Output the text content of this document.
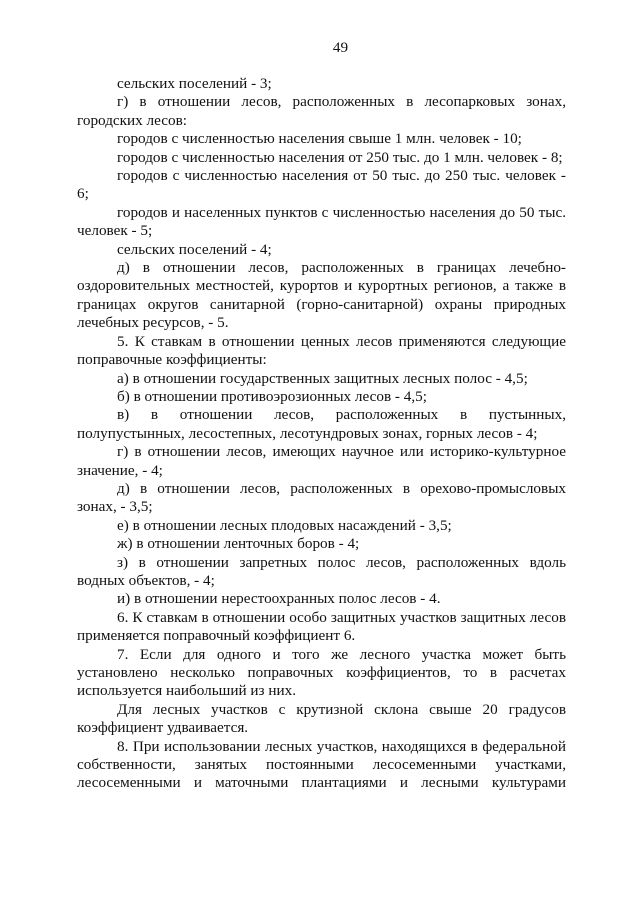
49

сельских поселений - 3;

г) в отношении лесов, расположенных в лесопарковых зонах, городских лесов:

городов с численностью населения свыше 1 млн. человек - 10;

городов с численностью населения от 250 тыс. до 1 млн. человек - 8;

городов с численностью населения от 50 тыс. до 250 тыс. человек - 6;

городов и населенных пунктов с численностью населения до 50 тыс. человек - 5;

сельских поселений - 4;

д) в отношении лесов, расположенных в границах лечебно-оздоровительных местностей, курортов и курортных регионов, а также в границах округов санитарной (горно-санитарной) охраны природных лечебных ресурсов, - 5.

5. К ставкам в отношении ценных лесов применяются следующие поправочные коэффициенты:

а) в отношении государственных защитных лесных полос - 4,5;

б) в отношении противоэрозионных лесов - 4,5;

в) в отношении лесов, расположенных в пустынных, полупустынных, лесостепных, лесотундровых зонах, горных лесов - 4;

г) в отношении лесов, имеющих научное или историко-культурное значение, - 4;

д) в отношении лесов, расположенных в орехово-промысловых зонах, - 3,5;

е) в отношении лесных плодовых насаждений - 3,5;

ж) в отношении ленточных боров - 4;

з) в отношении запретных полос лесов, расположенных вдоль водных объектов, - 4;

и) в отношении нерестоохранных полос лесов - 4.

6. К ставкам в отношении особо защитных участков защитных лесов применяется поправочный коэффициент 6.

7. Если для одного и того же лесного участка может быть установлено несколько поправочных коэффициентов, то в расчетах используется наибольший из них.

Для лесных участков с крутизной склона свыше 20 градусов коэффициент удваивается.

8. При использовании лесных участков, находящихся в федеральной собственности, занятых постоянными лесосеменными участками, лесосеменными и маточными плантациями и лесными культурами
